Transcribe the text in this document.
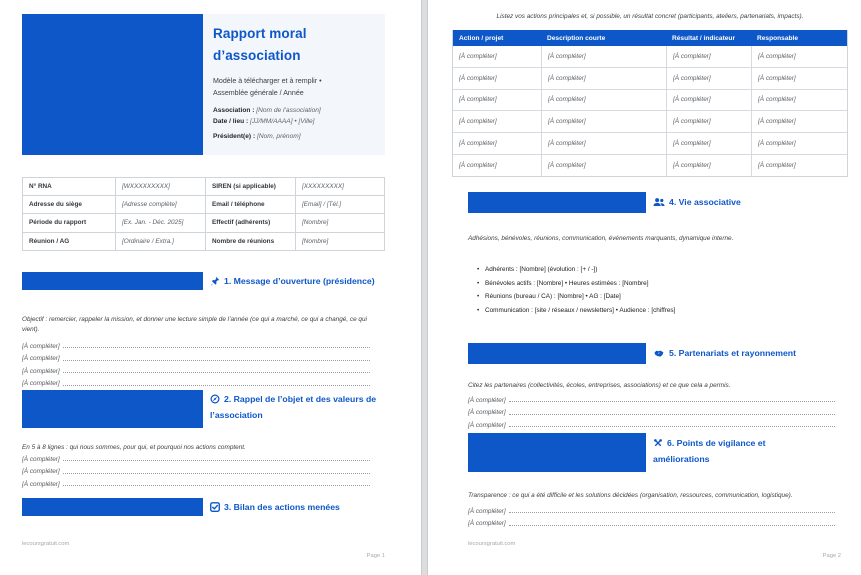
Rapport moral
d’association
Modèle à télécharger et à remplir •
Assemblée générale / Année
Association : [Nom de l’association]
Date / lieu : [JJ/MM/AAAA] • [Ville]
Président(e) : [Nom, prénom]
N° RNA	[WXXXXXXXXX]	SIREN (si applicable)	[XXXXXXXXX]
Adresse du siège	[Adresse complète]	Email / téléphone	[Email] / [Tél.]
Période du rapport	[Ex. Jan. - Déc. 2025]	Effectif (adhérents)	[Nombre]
Réunion / AG	[Ordinaire / Extra.]	Nombre de réunions	[Nombre]
1. Message d’ouverture (présidence)
Objectif : remercier, rappeler la mission, et donner une lecture simple de l’année (ce qui a marché, ce qui a changé, ce qui vient).
[À compléter]
[À compléter]
[À compléter]
[À compléter]
2. Rappel de l’objet et des valeurs de l’association
En 5 à 8 lignes : qui nous sommes, pour qui, et pourquoi nos actions comptent.
[À compléter]
[À compléter]
[À compléter]
3. Bilan des actions menées
lecoursgratuit.com
Page 1
Listez vos actions principales et, si possible, un résultat concret (participants, ateliers, partenariats, impacts).
Action / projet	Description courte	Résultat / indicateur	Responsable
[À compléter]	[À compléter]	[À compléter]	[À compléter]
[À compléter]	[À compléter]	[À compléter]	[À compléter]
[À compléter]	[À compléter]	[À compléter]	[À compléter]
[À compléter]	[À compléter]	[À compléter]	[À compléter]
[À compléter]	[À compléter]	[À compléter]	[À compléter]
[À compléter]	[À compléter]	[À compléter]	[À compléter]
4. Vie associative
Adhésions, bénévoles, réunions, communication, événements marquants, dynamique interne.
• Adhérents : [Nombre] (évolution : [+ / -])
• Bénévoles actifs : [Nombre] • Heures estimées : [Nombre]
• Réunions (bureau / CA) : [Nombre] • AG : [Date]
• Communication : [site / réseaux / newsletters] • Audience : [chiffres]
5. Partenariats et rayonnement
Citez les partenaires (collectivités, écoles, entreprises, associations) et ce que cela a permis.
[À compléter]
[À compléter]
[À compléter]
6. Points de vigilance et améliorations
Transparence : ce qui a été difficile et les solutions décidées (organisation, ressources, communication, logistique).
[À compléter]
[À compléter]
lecoursgratuit.com
Page 2
